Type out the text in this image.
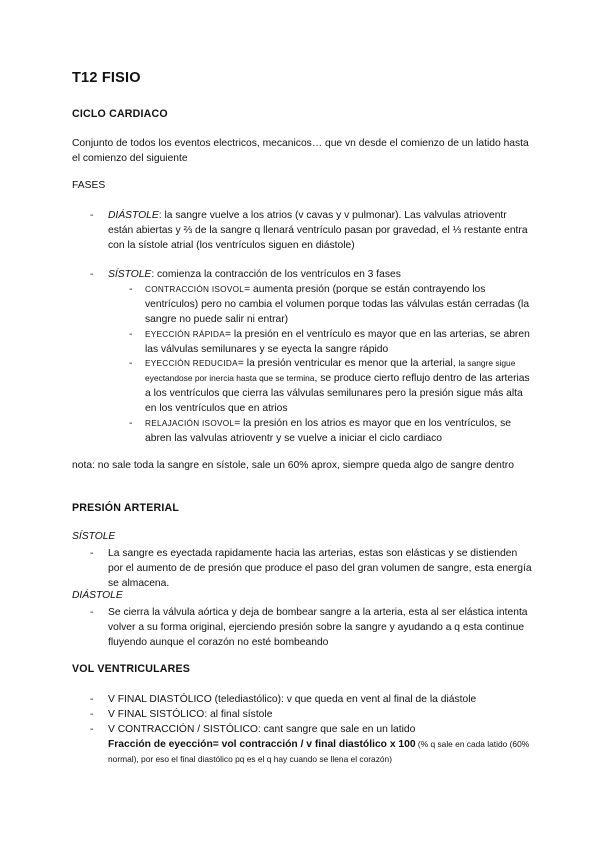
T12 FISIO
CICLO CARDIACO
Conjunto de todos los eventos electricos, mecanicos… que vn desde el comienzo de un latido hasta el comienzo del siguiente
FASES
- DIÁSTOLE: la sangre vuelve a los atrios (v cavas y v pulmonar). Las valvulas atrioventr están abiertas y ⅔ de la sangre q llenará ventrículo pasan por gravedad, el ⅓ restante entra con la sístole atrial (los ventrículos siguen en diástole)
- SÍSTOLE: comienza la contracción de los ventrículos en 3 fases
- CONTRACCIÓN ISOVOL= aumenta presión (porque se están contrayendo los ventrículos) pero no cambia el volumen porque todas las válvulas están cerradas (la sangre no puede salir ni entrar)
- EYECCIÓN RÁPIDA= la presión en el ventrículo es mayor que en las arterias, se abren las válvulas semilunares y se eyecta la sangre rápido
- EYECCIÓN REDUCIDA= la presión ventricular es menor que la arterial, la sangre sigue eyectandose por inercia hasta que se termina, se produce cierto reflujo dentro de las arterias a los ventrículos que cierra las válvulas semilunares pero la presión sigue más alta en los ventrículos que en atrios
- RELAJACIÓN ISOVOL= la presión en los atrios es mayor que en los ventrículos, se abren las valvulas atrioventr y se vuelve a iniciar el ciclo cardiaco
nota: no sale toda la sangre en sístole, sale un 60% aprox, siempre queda algo de sangre dentro
PRESIÓN ARTERIAL
SÍSTOLE
- La sangre es eyectada rapidamente hacia las arterias, estas son elásticas y se distienden por el aumento de de presión que produce el paso del gran volumen de sangre, esta energía se almacena.
DIÁSTOLE
- Se cierra la válvula aórtica y deja de bombear sangre a la arteria, esta al ser elástica intenta volver a su forma original, ejerciendo presión sobre la sangre y ayudando a q esta continue fluyendo aunque el corazón no esté bombeando
VOL VENTRICULARES
- V FINAL DIASTÓLICO (telediastólico): v que queda en vent al final de la diástole
- V FINAL SISTÓLICO: al final sístole
- V CONTRACCIÓN / SISTÓLICO: cant sangre que sale en un latido
Fracción de eyección= vol contracción / v final diastólico x 100 (% q sale en cada latido (60% normal), por eso el final diastólico pq es el q hay cuando se llena el corazón)
